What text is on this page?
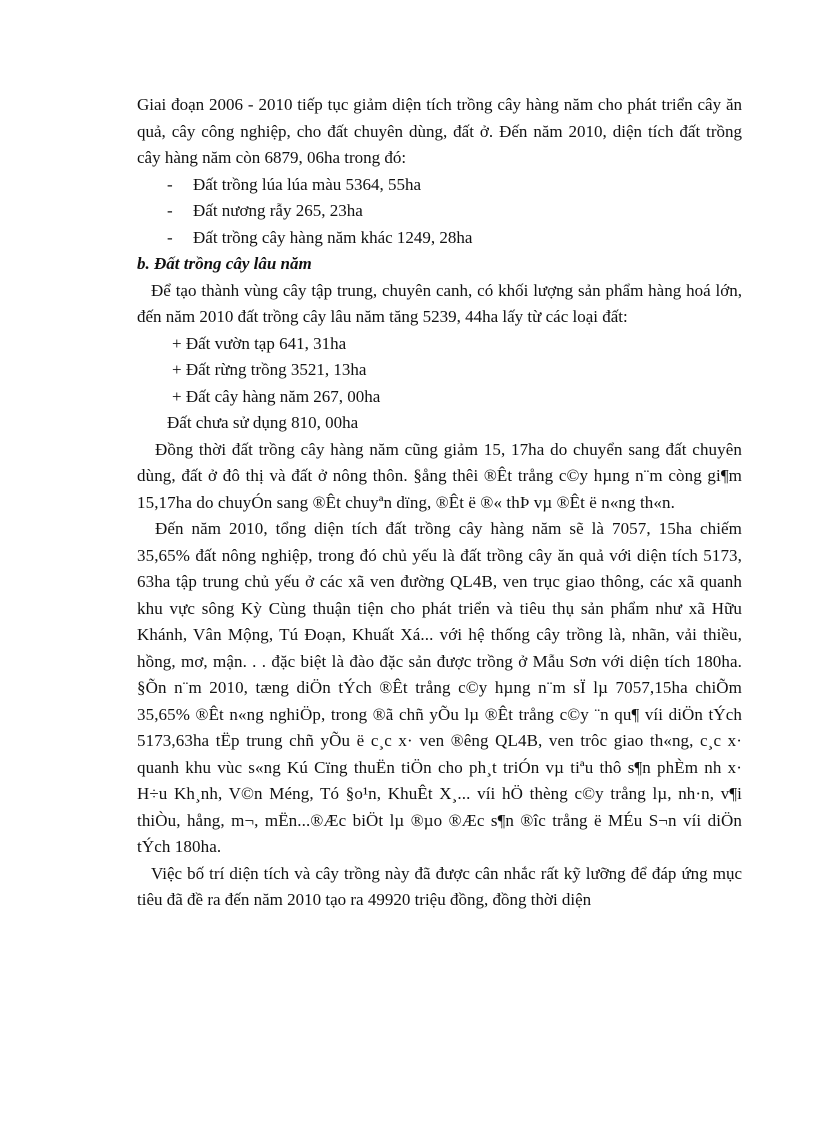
Giai đoạn 2006 - 2010 tiếp tục giảm diện tích trồng cây hàng năm cho phát triển cây ăn quả, cây công nghiệp, cho đất chuyên dùng, đất ở. Đến năm 2010, diện tích đất trồng cây hàng năm còn 6879, 06ha trong đó:
- Đất trồng lúa lúa màu 5364, 55ha
- Đất nương rẫy 265, 23ha
- Đất trồng cây hàng năm khác 1249, 28ha
b. Đất trồng cây lâu năm
Để tạo thành vùng cây tập trung, chuyên canh, có khối lượng sản phẩm hàng hoá lớn, đến năm 2010 đất trồng cây lâu năm tăng 5239, 44ha lấy từ các loại đất:
+ Đất vườn tạp 641, 31ha
+ Đất rừng trồng 3521, 13ha
+ Đất cây hàng năm 267, 00ha
Đất chưa sử dụng 810, 00ha
Đồng thời đất trồng cây hàng năm cũng giảm 15, 17ha do chuyển sang đất chuyên dùng, đất ở đô thị và đất ở nông thôn. §ång thêi ®Êt trång c©y hµng n¨m còng gi¶m 15,17ha do chuyÓn sang ®Êt chuyªn dïng, ®Êt ë ®« thÞ vµ ®Êt ë n«ng th«n.
Đến năm 2010, tổng diện tích đất trồng cây hàng năm sẽ là 7057, 15ha chiếm 35,65% đất nông nghiệp, trong đó chủ yếu là đất trồng cây ăn quả với diện tích 5173, 63ha tập trung chủ yếu ở các xã ven đường QL4B, ven trục giao thông, các xã quanh khu vực sông Kỳ Cùng thuận tiện cho phát triển và tiêu thụ sản phẩm như xã Hữu Khánh, Vân Mộng, Tú Đoạn, Khuất Xá... với hệ thống cây trồng là, nhãn, vải thiều, hồng, mơ, mận. . . đặc biệt là đào đặc sản được trồng ở Mẫu Sơn với diện tích 180ha. §Õn n¨m 2010, tæng diÖn tÝch ®Êt trång c©y hµng n¨m sÏ lµ 7057,15ha chiÕm 35,65% ®Êt n«ng nghiÖp, trong ®ã chñ yÕu lµ ®Êt trång c©y ¨n qu¶ víi diÖn tÝch 5173,63ha tËp trung chñ yÕu ë c¸c x· ven ®êng QL4B, ven trôc giao th«ng, c¸c x· quanh khu vùc s«ng Kú Cïng thuËn tiÖn cho ph¸t triÓn vµ tiªu thô s¶n phÈm nh x· H÷u Kh¸nh, V©n Méng, Tó §o¹n, KhuÊt X¸... víi hÖ thèng c©y trång lµ, nh·n, v¶i thiÒu, hång, m¬, mËn...®Æc biÖt lµ ®µo ®Æc s¶n ®îc trång ë MÉu S¬n víi diÖn tÝch 180ha.
Việc bố trí diện tích và cây trồng này đã được cân nhắc rất kỹ lưỡng để đáp ứng mục tiêu đã đề ra đến năm 2010 tạo ra 49920 triệu đồng, đồng thời diện
